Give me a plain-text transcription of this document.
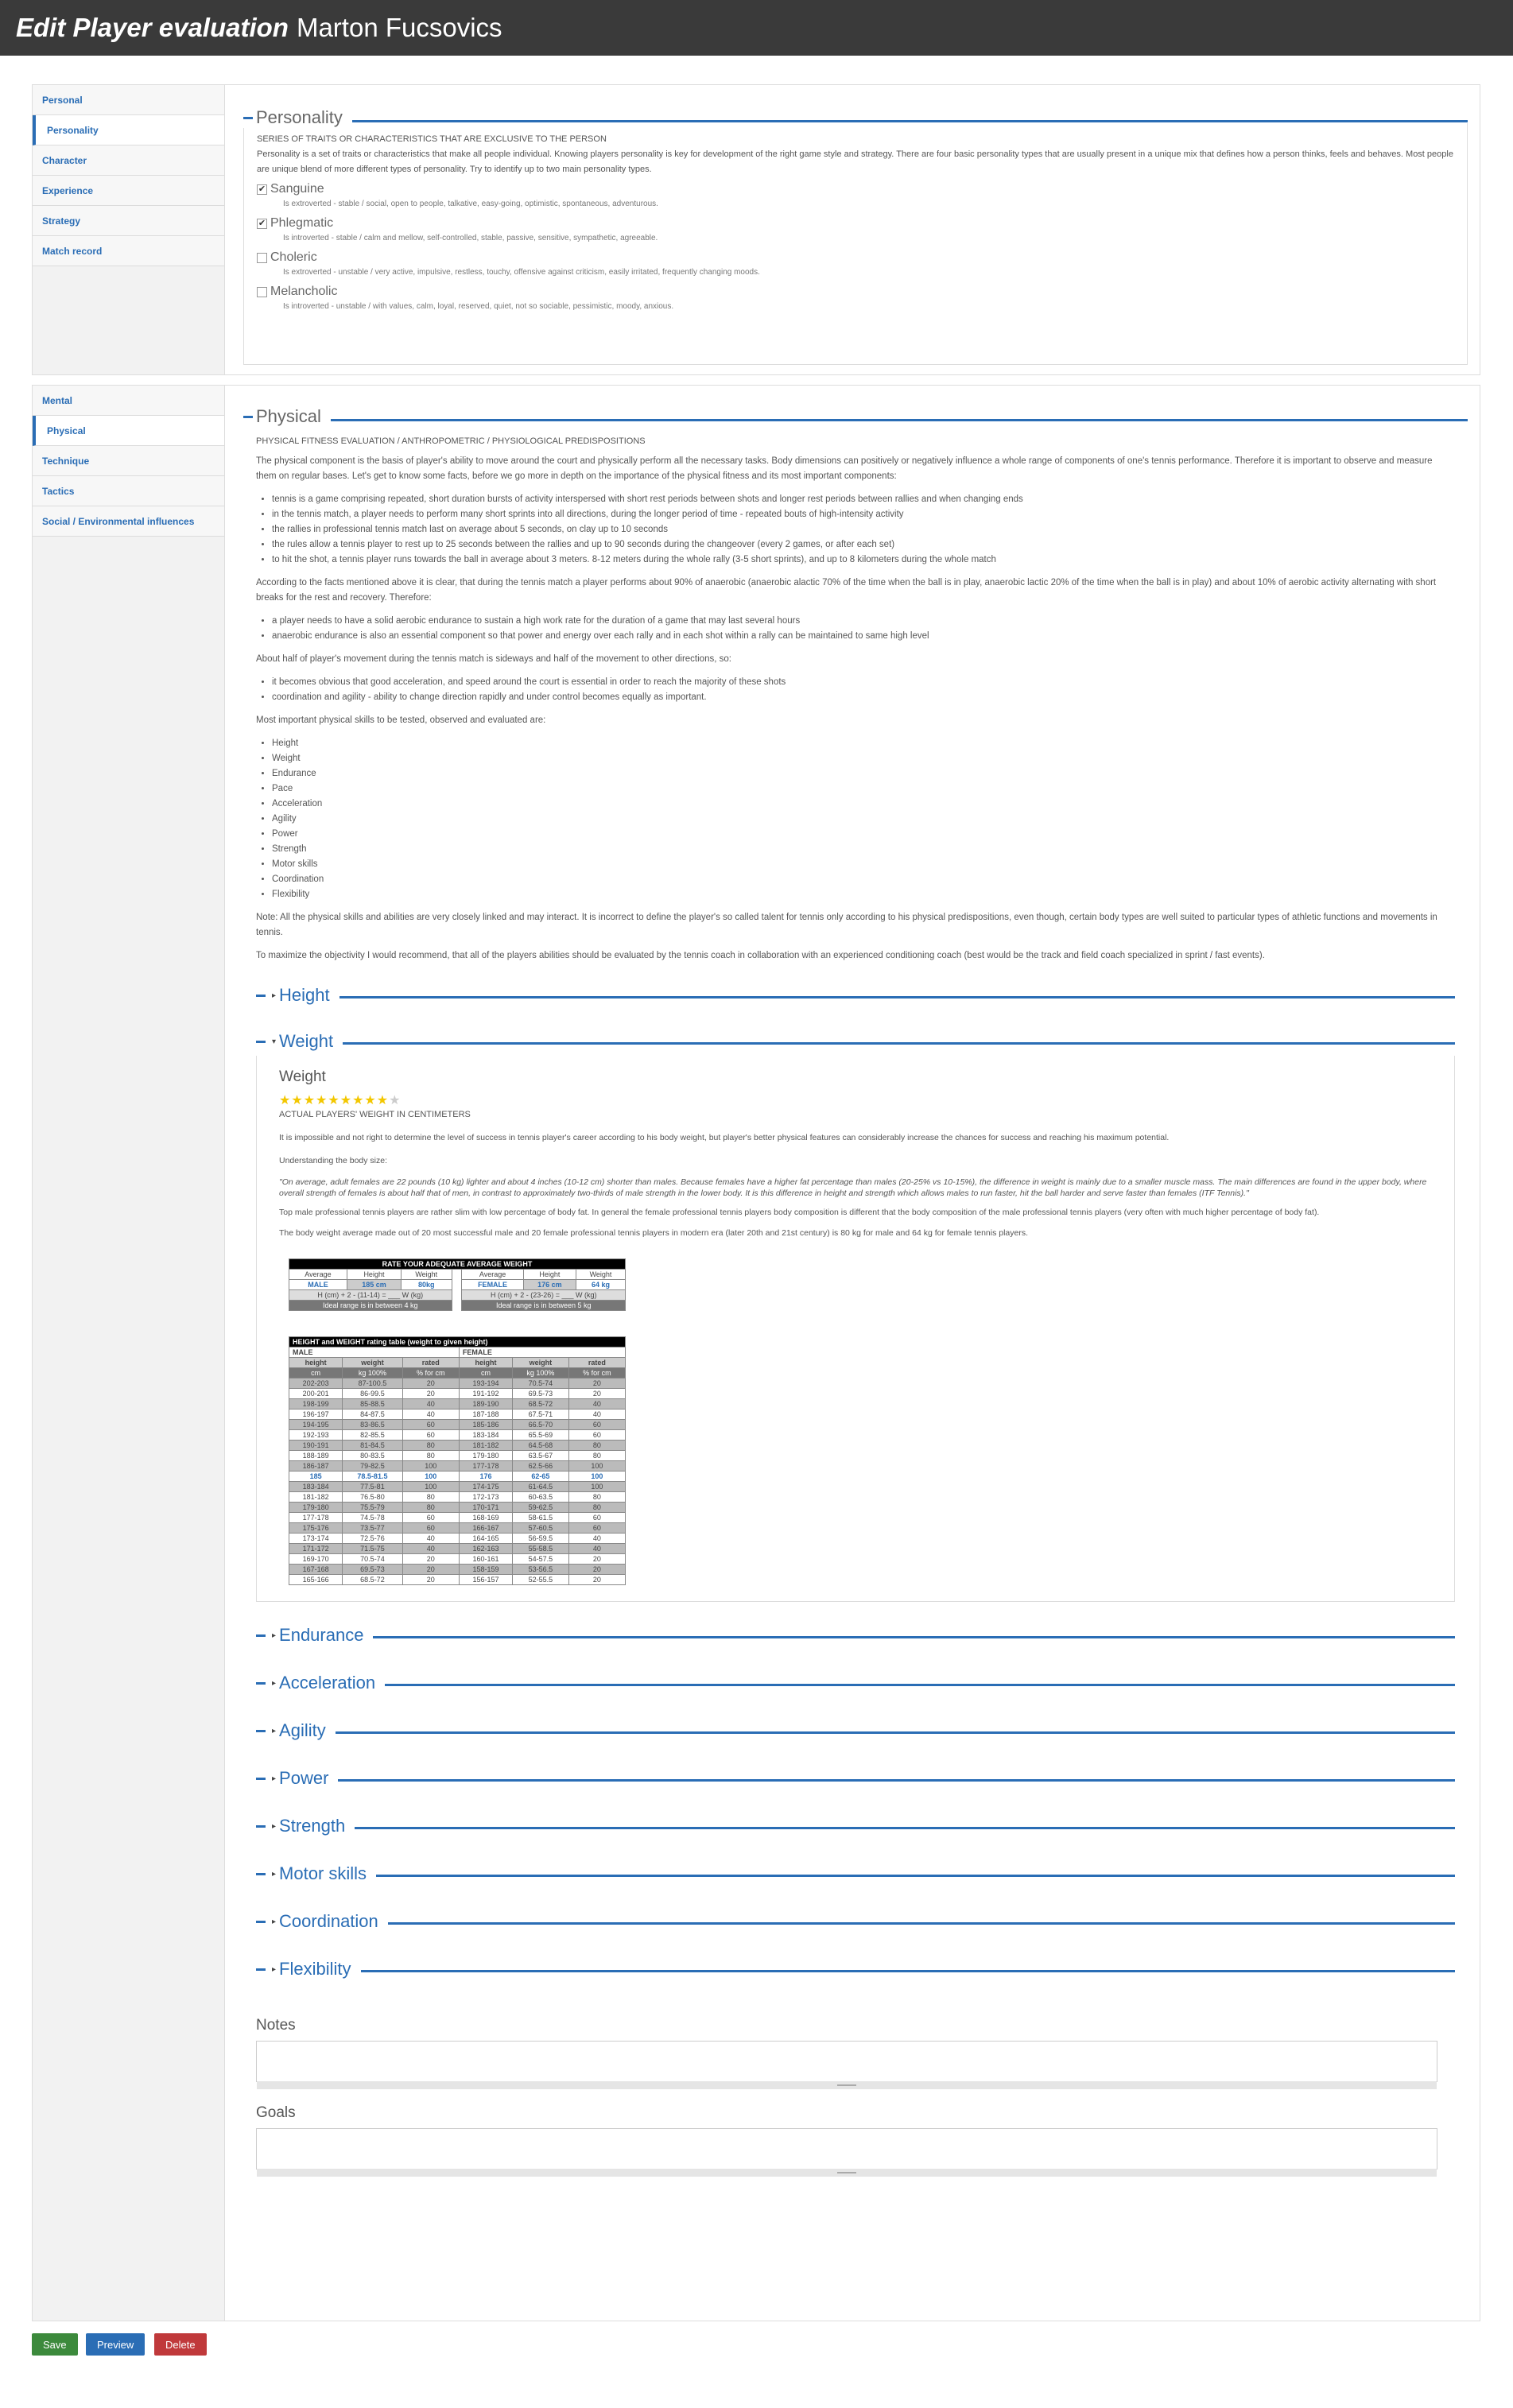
Edit Player evaluation Marton Fucsovics
Personal
Personality
Character
Experience
Strategy
Match record
Personality
SERIES OF TRAITS OR CHARACTERISTICS THAT ARE EXCLUSIVE TO THE PERSON
Personality is a set of traits or characteristics that make all people individual. Knowing players personality is key for development of the right game style and strategy. There are four basic personality types that are usually present in a unique mix that defines how a person thinks, feels and behaves. Most people are unique blend of more different types of personality. Try to identify up to two main personality types.
✔ Sanguine
Is extroverted - stable / social, open to people, talkative, easy-going, optimistic, spontaneous, adventurous.
✔ Phlegmatic
Is introverted - stable / calm and mellow, self-controlled, stable, passive, sensitive, sympathetic, agreeable.
Choleric
Is extroverted - unstable / very active, impulsive, restless, touchy, offensive against criticism, easily irritated, frequently changing moods.
Melancholic
Is introverted - unstable / with values, calm, loyal, reserved, quiet, not so sociable, pessimistic, moody, anxious.
Mental
Physical
Technique
Tactics
Social / Environmental influences
Physical
PHYSICAL FITNESS EVALUATION / ANTHROPOMETRIC / PHYSIOLOGICAL PREDISPOSITIONS
The physical component is the basis of player's ability to move around the court and physically perform all the necessary tasks. Body dimensions can positively or negatively influence a whole range of components of one's tennis performance. Therefore it is important to observe and measure them on regular bases. Let's get to know some facts, before we go more in depth on the importance of the physical fitness and its most important components:
• tennis is a game comprising repeated, short duration bursts of activity interspersed with short rest periods between shots and longer rest periods between rallies and when changing ends
• in the tennis match, a player needs to perform many short sprints into all directions, during the longer period of time - repeated bouts of high-intensity activity
• the rallies in professional tennis match last on average about 5 seconds, on clay up to 10 seconds
• the rules allow a tennis player to rest up to 25 seconds between the rallies and up to 90 seconds during the changeover (every 2 games, or after each set)
• to hit the shot, a tennis player runs towards the ball in average about 3 meters. 8-12 meters during the whole rally (3-5 short sprints), and up to 8 kilometers during the whole match
According to the facts mentioned above it is clear, that during the tennis match a player performs about 90% of anaerobic (anaerobic alactic 70% of the time when the ball is in play, anaerobic lactic 20% of the time when the ball is in play) and about 10% of aerobic activity alternating with short breaks for the rest and recovery. Therefore:
• a player needs to have a solid aerobic endurance to sustain a high work rate for the duration of a game that may last several hours
• anaerobic endurance is also an essential component so that power and energy over each rally and in each shot within a rally can be maintained to same high level
About half of player's movement during the tennis match is sideways and half of the movement to other directions, so:
• it becomes obvious that good acceleration, and speed around the court is essential in order to reach the majority of these shots
• coordination and agility - ability to change direction rapidly and under control becomes equally as important.
Most important physical skills to be tested, observed and evaluated are:
• Height
• Weight
• Endurance
• Pace
• Acceleration
• Agility
• Power
• Strength
• Motor skills
• Coordination
• Flexibility
Note: All the physical skills and abilities are very closely linked and may interact. It is incorrect to define the player's so called talent for tennis only according to his physical predispositions, even though, certain body types are well suited to particular types of athletic functions and movements in tennis.
To maximize the objectivity I would recommend, that all of the players abilities should be evaluated by the tennis coach in collaboration with an experienced conditioning coach (best would be the track and field coach specialized in sprint / fast events).
▸ Height
▾ Weight
Weight
★★★★★★★★★★
ACTUAL PLAYERS' WEIGHT IN CENTIMETERS
It is impossible and not right to determine the level of success in tennis player's career according to his body weight, but player's better physical features can considerably increase the chances for success and reaching his maximum potential.
Understanding the body size:
"On average, adult females are 22 pounds (10 kg) lighter and about 4 inches (10-12 cm) shorter than males. Because females have a higher fat percentage than males (20-25% vs 10-15%), the difference in weight is mainly due to a smaller muscle mass. The main differences are found in the upper body, where overall strength of females is about half that of men, in contrast to approximately two-thirds of male strength in the lower body. It is this difference in height and strength which allows males to run faster, hit the ball harder and serve faster than females (ITF Tennis)."
Top male professional tennis players are rather slim with low percentage of body fat. In general the female professional tennis players body composition is different that the body composition of the male professional tennis players (very often with much higher percentage of body fat).
The body weight average made out of 20 most successful male and 20 female professional tennis players in modern era (later 20th and 21st century) is 80 kg for male and 64 kg for female tennis players.
RATE YOUR ADEQUATE AVERAGE WEIGHT						
Average	Height	Weight		Average	Height	Weight
MALE	185 cm	80kg		FEMALE	176 cm	64 kg
H (cm) + 2 - (11-14) = ___ W (kg)				H (cm) + 2 - (23-26) = ___ W (kg)		
Ideal range is in between 4 kg				Ideal range is in between 5 kg		
HEIGHT and WEIGHT rating table (weight to given height)					
MALE			FEMALE		
height	weight	rated	height	weight	rated
cm	kg 100%	% for cm	cm	kg 100%	% for cm
202-203	87-100.5	20	193-194	70.5-74	20
200-201	86-99.5	20	191-192	69.5-73	20
198-199	85-88.5	40	189-190	68.5-72	40
196-197	84-87.5	40	187-188	67.5-71	40
194-195	83-86.5	60	185-186	66.5-70	60
192-193	82-85.5	60	183-184	65.5-69	60
190-191	81-84.5	80	181-182	64.5-68	80
188-189	80-83.5	80	179-180	63.5-67	80
186-187	79-82.5	100	177-178	62.5-66	100
185	78.5-81.5	100	176	62-65	100
183-184	77.5-81	100	174-175	61-64.5	100
181-182	76.5-80	80	172-173	60-63.5	80
179-180	75.5-79	80	170-171	59-62.5	80
177-178	74.5-78	60	168-169	58-61.5	60
175-176	73.5-77	60	166-167	57-60.5	60
173-174	72.5-76	40	164-165	56-59.5	40
171-172	71.5-75	40	162-163	55-58.5	40
169-170	70.5-74	20	160-161	54-57.5	20
167-168	69.5-73	20	158-159	53-56.5	20
165-166	68.5-72	20	156-157	52-55.5	20
▸ Endurance
▸ Acceleration
▸ Agility
▸ Power
▸ Strength
▸ Motor skills
▸ Coordination
▸ Flexibility
Notes
Goals
Save	Preview	Delete
